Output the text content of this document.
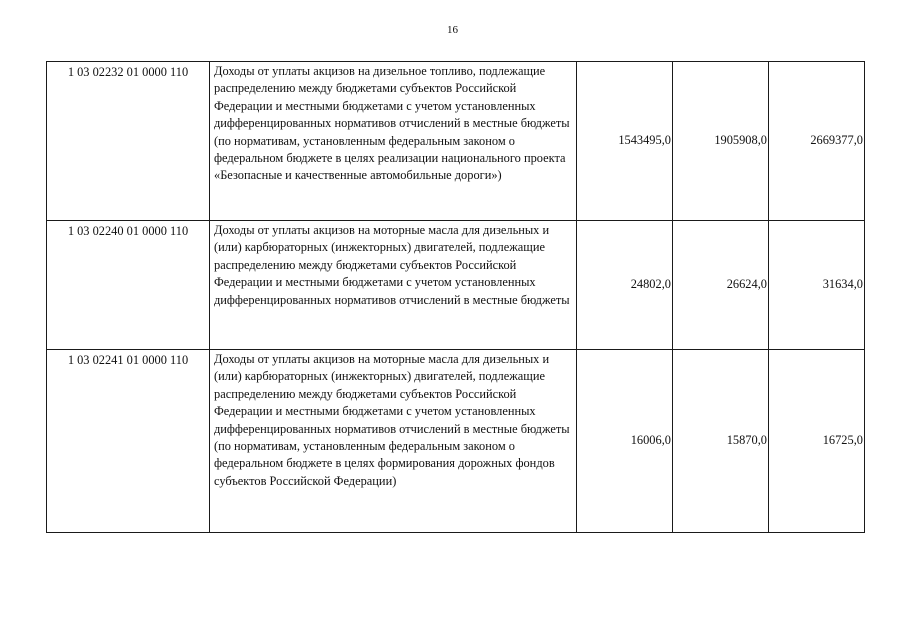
16
1 03 02232 01 0000 110	Доходы от уплаты акцизов на дизельное топливо, подлежащие распределению между бюджетами субъектов Российской Федерации и местными бюджетами с учетом установленных дифференцированных нормативов отчислений в местные бюджеты (по нормативам, установленным федеральным законом о федеральном бюджете в целях реализации национального проекта «Безопасные и качественные автомобильные дороги»)	1543495,0	1905908,0	2669377,0
1 03 02240 01 0000 110	Доходы от уплаты акцизов на моторные масла для дизельных и (или) карбюраторных (инжекторных) двигателей, подлежащие распределению между бюджетами субъектов Российской Федерации и местными бюджетами с учетом установленных дифференцированных нормативов отчислений в местные бюджеты	24802,0	26624,0	31634,0
1 03 02241 01 0000 110	Доходы от уплаты акцизов на моторные масла для дизельных и (или) карбюраторных (инжекторных) двигателей, подлежащие распределению между бюджетами субъектов Российской Федерации и местными бюджетами с учетом установленных дифференцированных нормативов отчислений в местные бюджеты (по нормативам, установленным федеральным законом о федеральном бюджете в целях формирования дорожных фондов субъектов Российской Федерации)	16006,0	15870,0	16725,0
